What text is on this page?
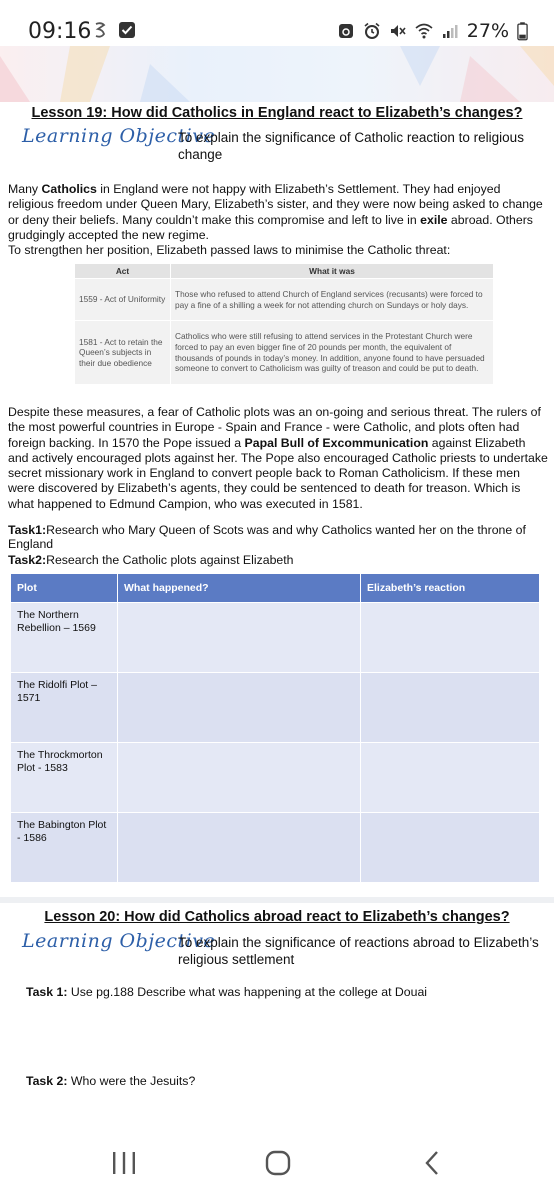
09:16	27%
Lesson 19: How did Catholics in England react to Elizabeth’s changes?
Learning Objective
To explain the significance of Catholic reaction to religious change
Many Catholics in England were not happy with Elizabeth’s Settlement. They had enjoyed religious freedom under Queen Mary, Elizabeth’s sister, and they were now being asked to change or deny their beliefs. Many couldn’t make this compromise and left to live in exile abroad. Others grudgingly accepted the new regime.
To strengthen her position, Elizabeth passed laws to minimise the Catholic threat:
Act	What it was
1559 - Act of Uniformity	Those who refused to attend Church of England services (recusants) were forced to pay a fine of a shilling a week for not attending church on Sundays or holy days.
1581 - Act to retain the Queen’s subjects in their due obedience	Catholics who were still refusing to attend services in the Protestant Church were forced to pay an even bigger fine of 20 pounds per month, the equivalent of thousands of pounds in today’s money. In addition, anyone found to have persuaded someone to convert to Catholicism was guilty of treason and could be put to death.
Despite these measures, a fear of Catholic plots was an on-going and serious threat. The rulers of the most powerful countries in Europe - Spain and France - were Catholic, and plots often had foreign backing. In 1570 the Pope issued a Papal Bull of Excommunication against Elizabeth and actively encouraged plots against her. The Pope also encouraged Catholic priests to undertake secret missionary work in England to convert people back to Roman Catholicism. If these men were discovered by Elizabeth’s agents, they could be sentenced to death for treason. Which is what happened to Edmund Campion, who was executed in 1581.
Task1:Research who Mary Queen of Scots was and why Catholics wanted her on the throne of England
Task2:Research the Catholic plots against Elizabeth
Plot	What happened?	Elizabeth’s reaction
The Northern Rebellion – 1569		
The Ridolfi Plot – 1571		
The Throckmorton Plot - 1583		
The Babington Plot - 1586		
Lesson 20: How did Catholics abroad react to Elizabeth’s changes?
Learning Objective
To explain the significance of reactions abroad to Elizabeth’s religious settlement
Task 1: Use pg.188 Describe what was happening at the college at Douai
Task 2: Who were the Jesuits?
